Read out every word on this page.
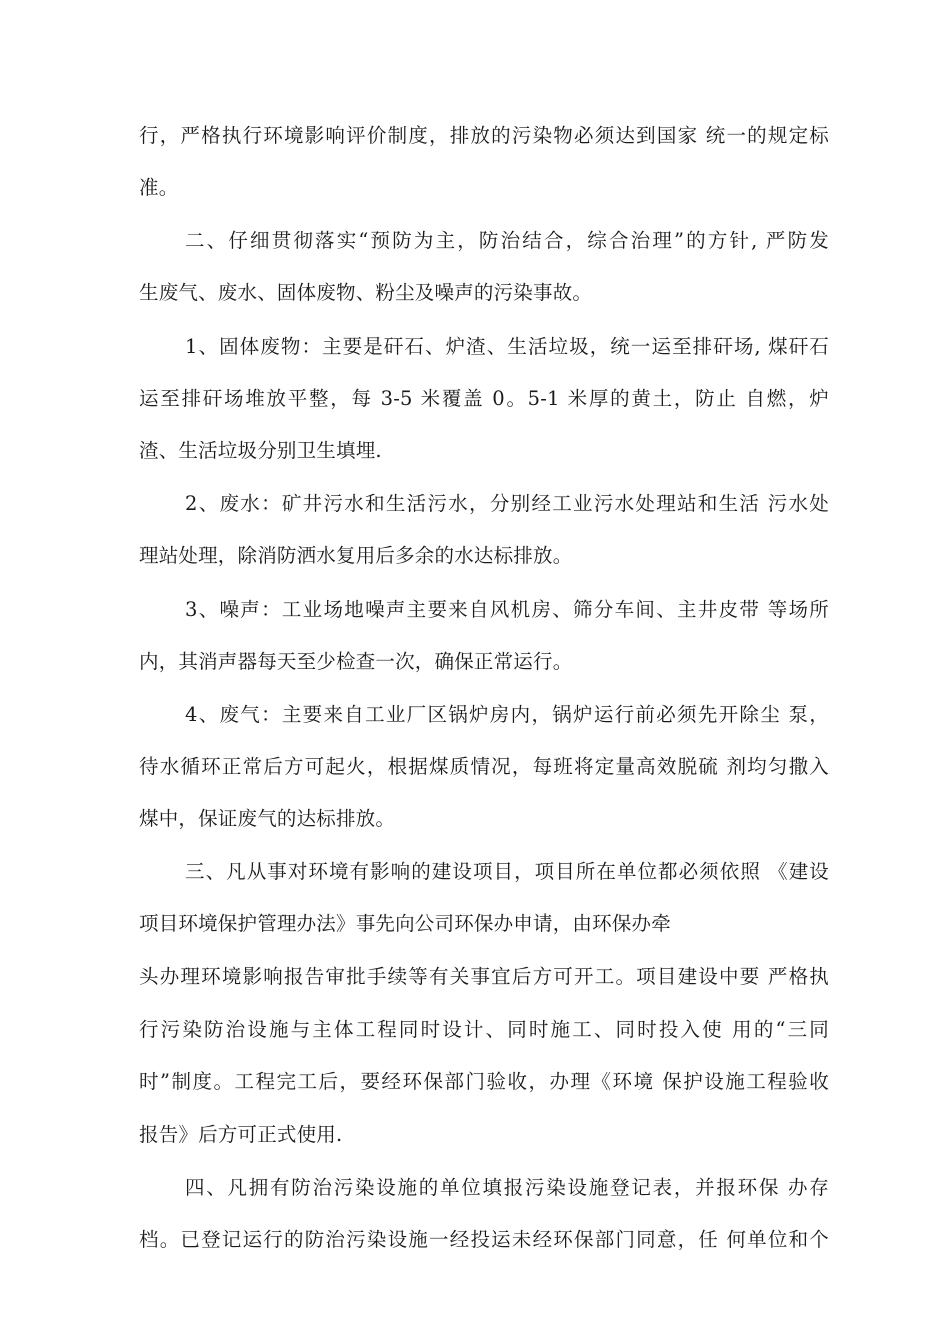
行，严格执行环境影响评价制度，排放的污染物必须达到国家 统一的规定标
准。
二、仔细贯彻落实“预防为主，防治结合，综合治理”的方针, 严防发
生废气、废水、固体废物、粉尘及噪声的污染事故。
1、固体废物：主要是矸石、炉渣、生活垃圾，统一运至排矸场, 煤矸石
运至排矸场堆放平整，每 3-5 米覆盖 0。5-1 米厚的黄土，防止 自燃，炉
渣、生活垃圾分别卫生填埋.
2、废水：矿井污水和生活污水，分别经工业污水处理站和生活 污水处
理站处理，除消防洒水复用后多余的水达标排放。
3、噪声：工业场地噪声主要来自风机房、筛分车间、主井皮带 等场所
内，其消声器每天至少检查一次，确保正常运行。
4、废气：主要来自工业厂区锅炉房内，锅炉运行前必须先开除尘 泵，
待水循环正常后方可起火，根据煤质情况，每班将定量高效脱硫 剂均匀撒入
煤中，保证废气的达标排放。
三、凡从事对环境有影响的建设项目，项目所在单位都必须依照 《建设
项目环境保护管理办法》事先向公司环保办申请，由环保办牵
头办理环境影响报告审批手续等有关事宜后方可开工。项目建设中要 严格执
行污染防治设施与主体工程同时设计、同时施工、同时投入使 用的“三同
时”制度。工程完工后，要经环保部门验收，办理《环境 保护设施工程验收
报告》后方可正式使用.
四、凡拥有防治污染设施的单位填报污染设施登记表，并报环保 办存
档。已登记运行的防治污染设施一经投运未经环保部门同意，任 何单位和个
